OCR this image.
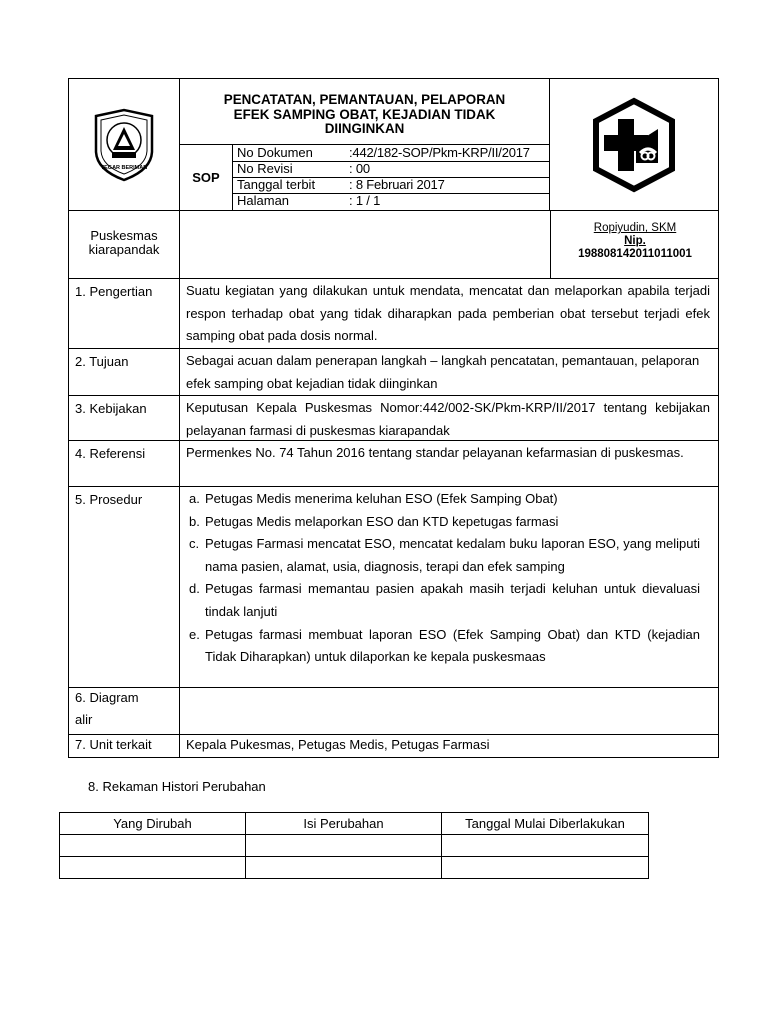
TEGAR BERIMAN
PENCATATAN, PEMANTAUAN, PELAPORAN
EFEK SAMPING OBAT, KEJADIAN TIDAK
DIINGINKAN
SOP
No Dokumen	:442/182-SOP/Pkm-KRP/II/2017
No Revisi	: 00
Tanggal terbit	: 8 Februari 2017
Halaman	: 1 / 1
Puskesmas
kiarapandak
Ropiyudin, SKM
Nip.
198808142011011001
1. Pengertian	Suatu kegiatan yang dilakukan untuk mendata, mencatat dan melaporkan apabila terjadi respon terhadap obat yang tidak diharapkan pada pemberian obat tersebut terjadi efek samping obat pada dosis normal.
2. Tujuan	Sebagai acuan dalam penerapan langkah – langkah pencatatan, pemantauan, pelaporan efek samping obat kejadian tidak diinginkan
3. Kebijakan	Keputusan Kepala Puskesmas Nomor:442/002-SK/Pkm-KRP/II/2017 tentang kebijakan pelayanan farmasi di puskesmas kiarapandak
4. Referensi	Permenkes No. 74 Tahun 2016 tentang standar pelayanan kefarmasian di puskesmas.
5. Prosedur	a. Petugas Medis menerima keluhan ESO (Efek Samping Obat)
b. Petugas Medis melaporkan ESO dan KTD kepetugas farmasi
c. Petugas Farmasi mencatat ESO, mencatat kedalam buku laporan ESO, yang meliputi nama pasien, alamat, usia, diagnosis, terapi dan efek samping
d. Petugas farmasi memantau pasien apakah masih terjadi keluhan untuk dievaluasi tindak lanjuti
e. Petugas farmasi membuat laporan ESO (Efek Samping Obat) dan KTD (kejadian Tidak Diharapkan) untuk dilaporkan ke kepala puskesmaas
6. Diagram
alir
7. Unit terkait	Kepala Pukesmas, Petugas Medis, Petugas Farmasi
8. Rekaman Histori Perubahan
Yang Dirubah	Isi Perubahan	Tanggal Mulai Diberlakukan
